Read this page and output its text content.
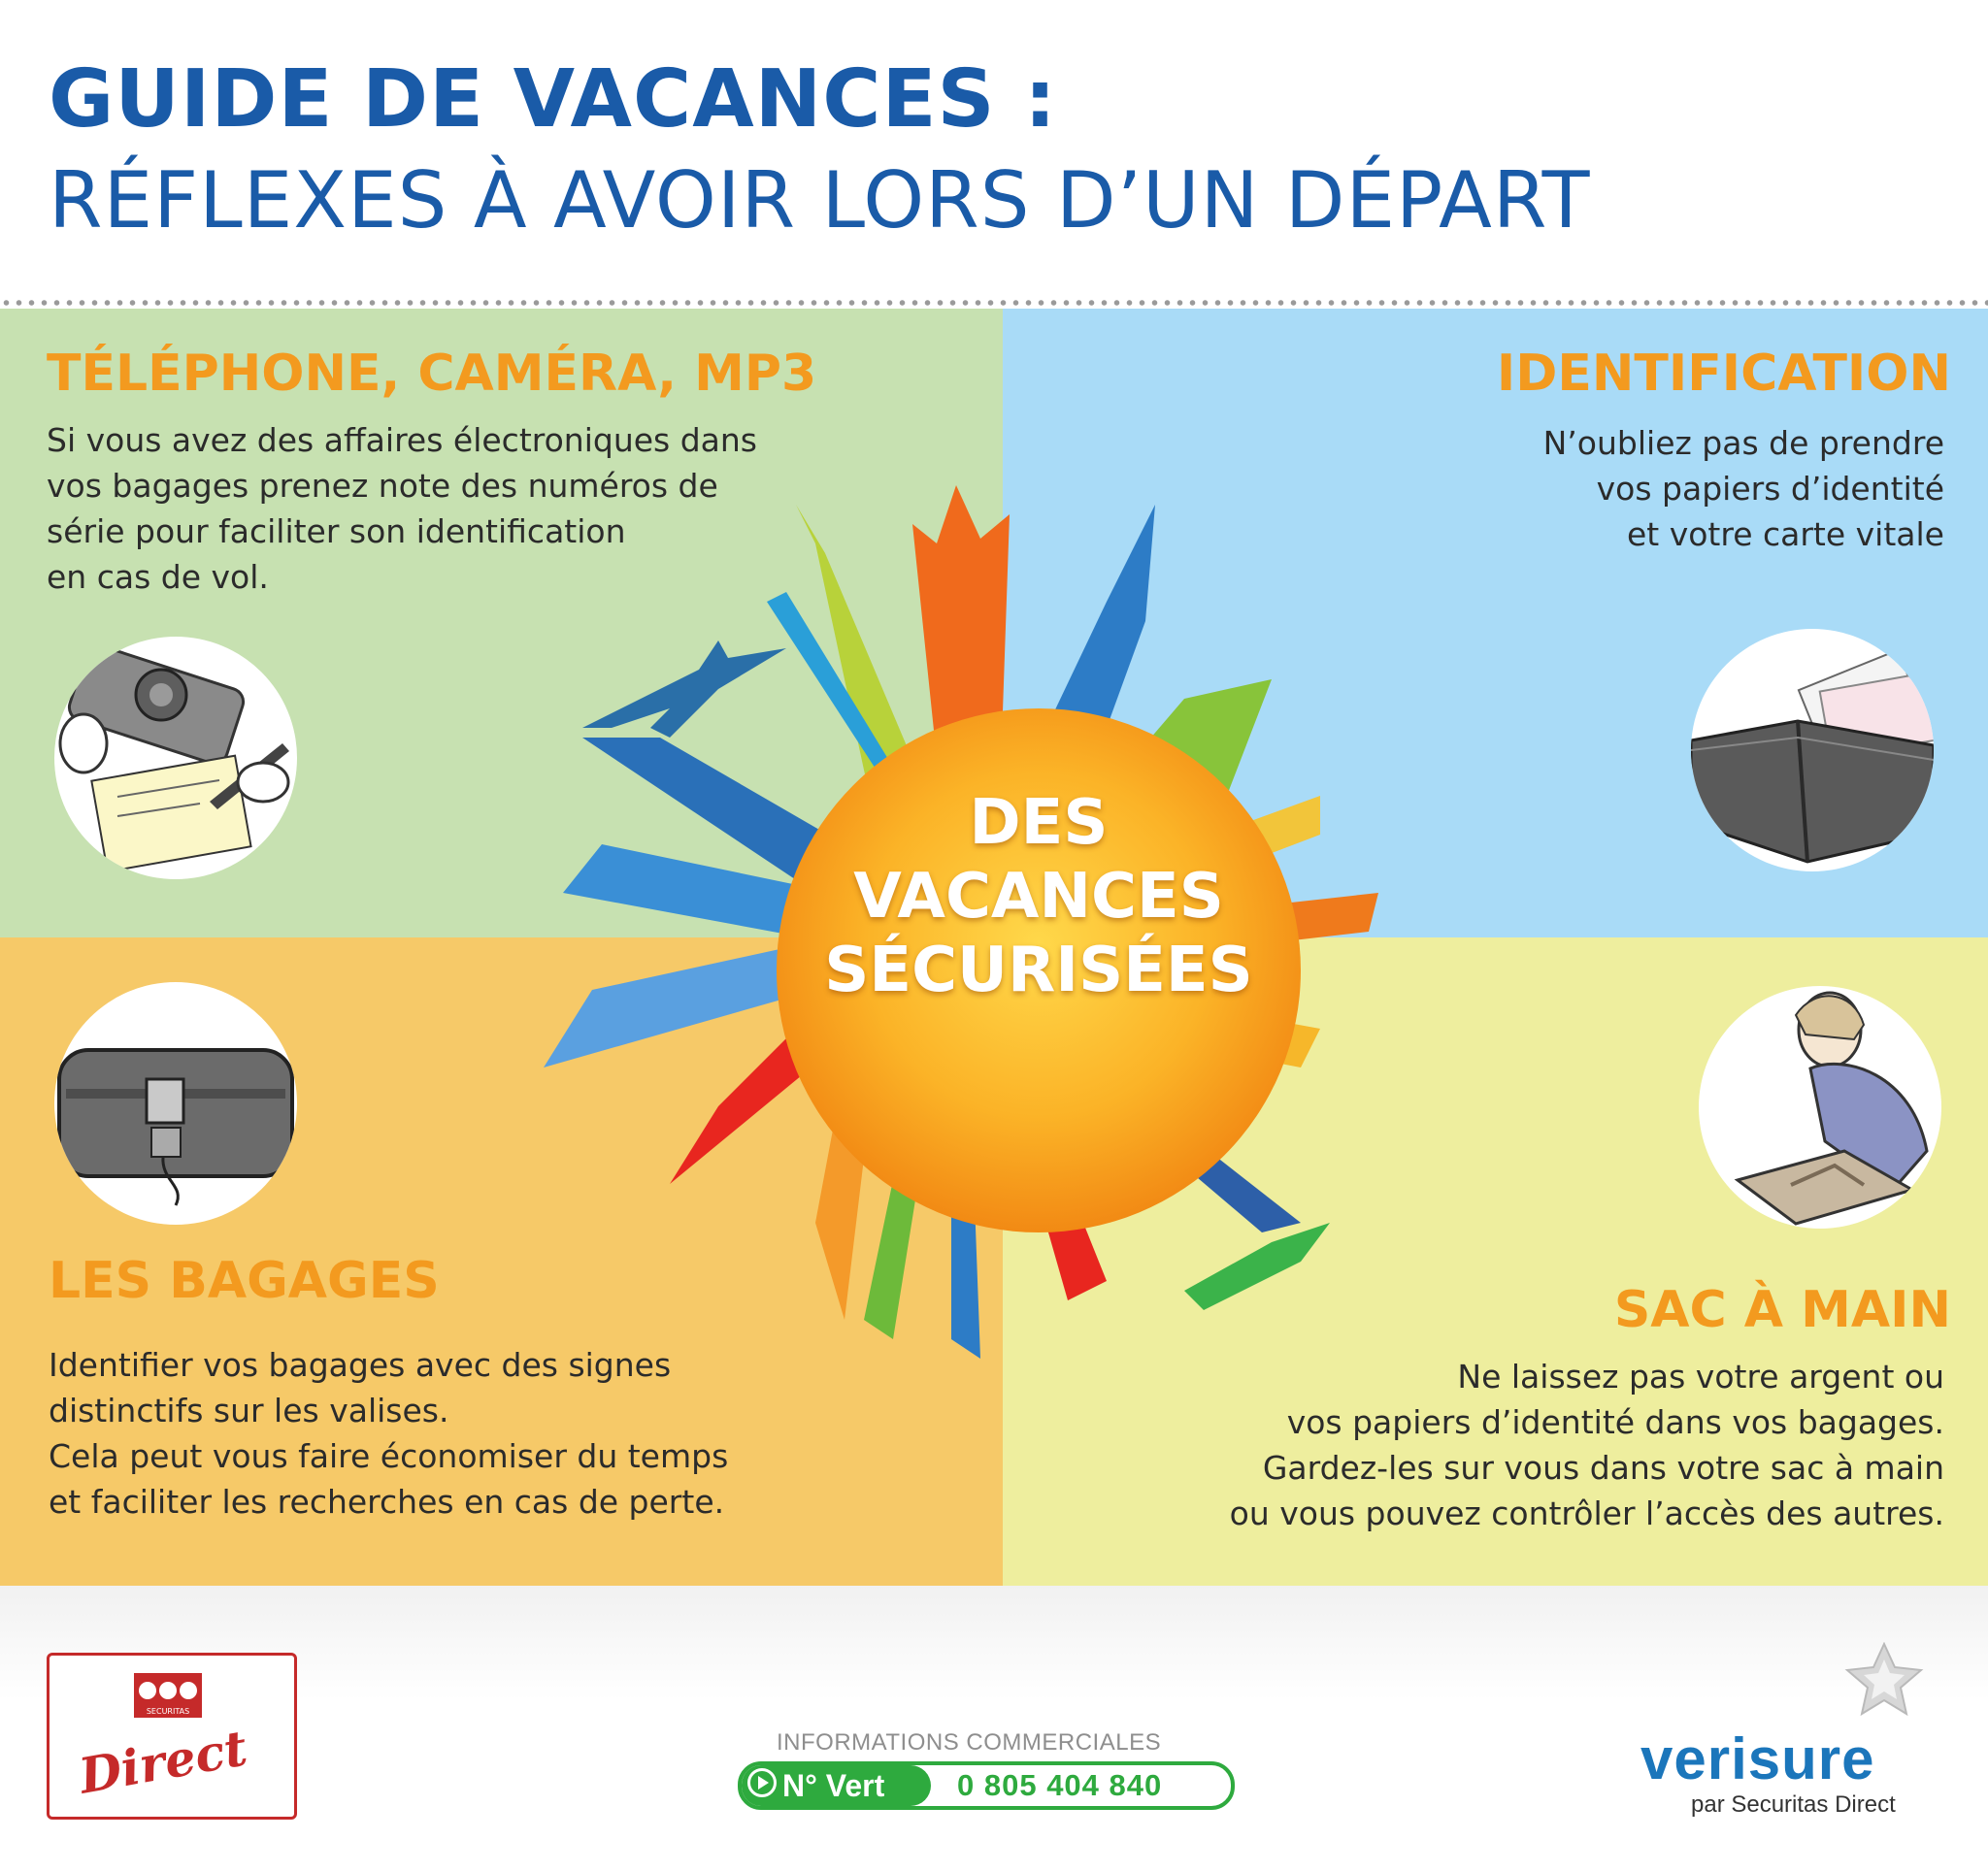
GUIDE DE VACANCES :
RÉFLEXES À AVOIR LORS D’UN DÉPART
TÉLÉPHONE, CAMÉRA, MP3

Si vous avez des affaires électroniques dans
vos bagages prenez note des numéros de
série pour faciliter son identification
en cas de vol.

IDENTIFICATION

N’oubliez pas de prendre
vos papiers d’identité
et votre carte vitale

LES BAGAGES

Identifier vos bagages avec des signes
distinctifs sur les valises.
Cela peut vous faire économiser du temps
et faciliter les recherches en cas de perte.

SAC À MAIN

Ne laissez pas votre argent ou
vos papiers d’identité dans vos bagages.
Gardez-les sur vous dans votre sac à main
ou vous pouvez contrôler l’accès des autres.

DES
VACANCES
SÉCURISÉES

SECURITAS
Direct	INFORMATIONS COMMERCIALES

N° Vert	0 805 404 840	verisure

par Securitas Direct
